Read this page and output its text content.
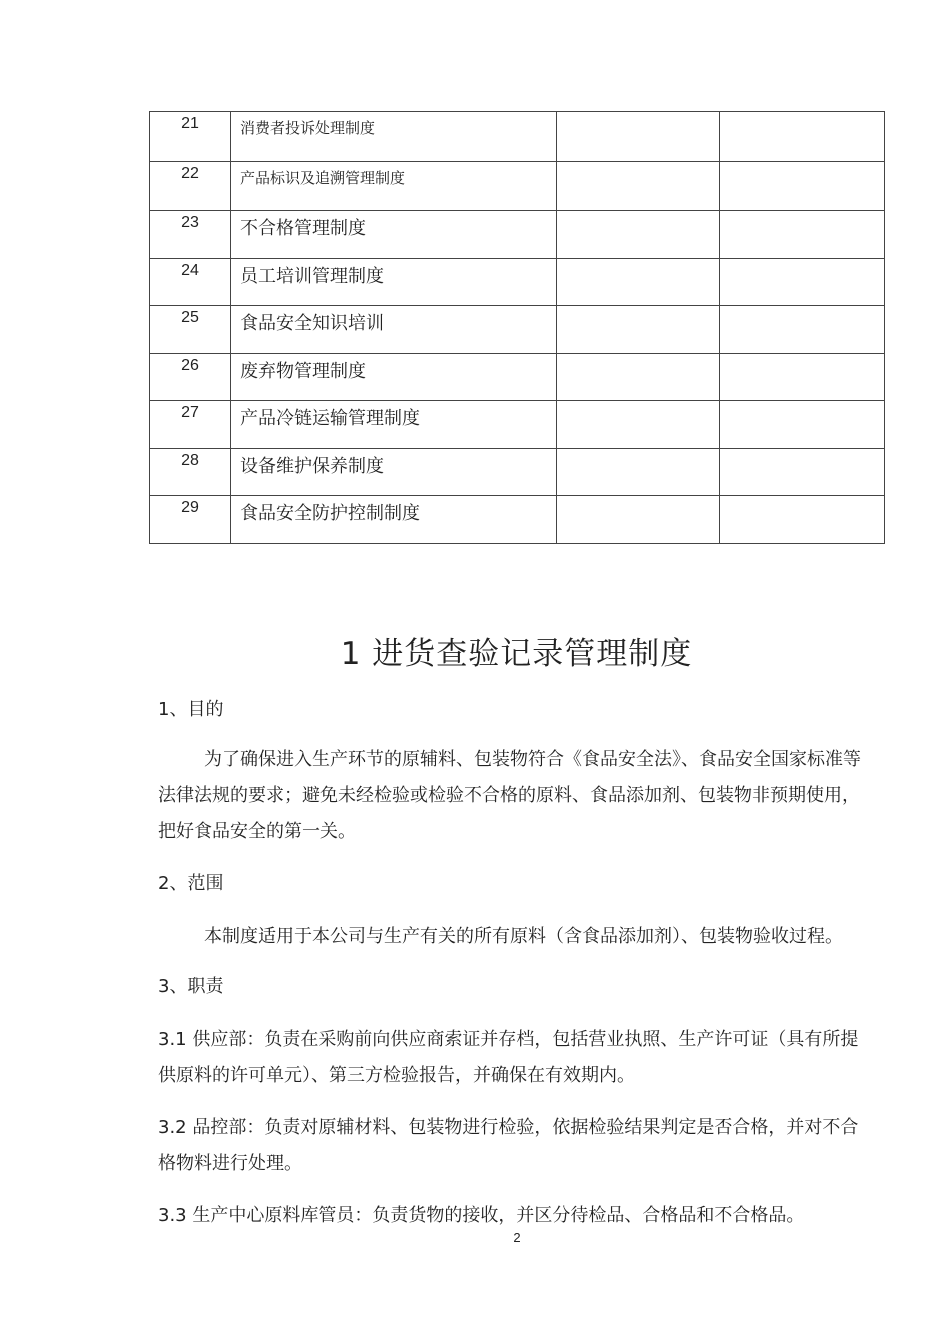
21	消费者投诉处理制度		
22	产品标识及追溯管理制度		
23	不合格管理制度		
24	员工培训管理制度		
25	食品安全知识培训		
26	废弃物管理制度		
27	产品冷链运输管理制度		
28	设备维护保养制度		
29	食品安全防护控制制度		
1 进货查验记录管理制度

1、目的

为了确保进入生产环节的原辅料、包装物符合《食品安全法》、食品安全国家标准等法律法规的要求；避免未经检验或检验不合格的原料、食品添加剂、包装物非预期使用，把好食品安全的第一关。

2、范围

本制度适用于本公司与生产有关的所有原料（含食品添加剂）、包装物验收过程。

3、职责

3.1 供应部：负责在采购前向供应商索证并存档，包括营业执照、生产许可证（具有所提供原料的许可单元）、第三方检验报告，并确保在有效期内。

3.2 品控部：负责对原辅材料、包装物进行检验，依据检验结果判定是否合格，并对不合格物料进行处理。

3.3 生产中心原料库管员：负责货物的接收，并区分待检品、合格品和不合格品。

2
